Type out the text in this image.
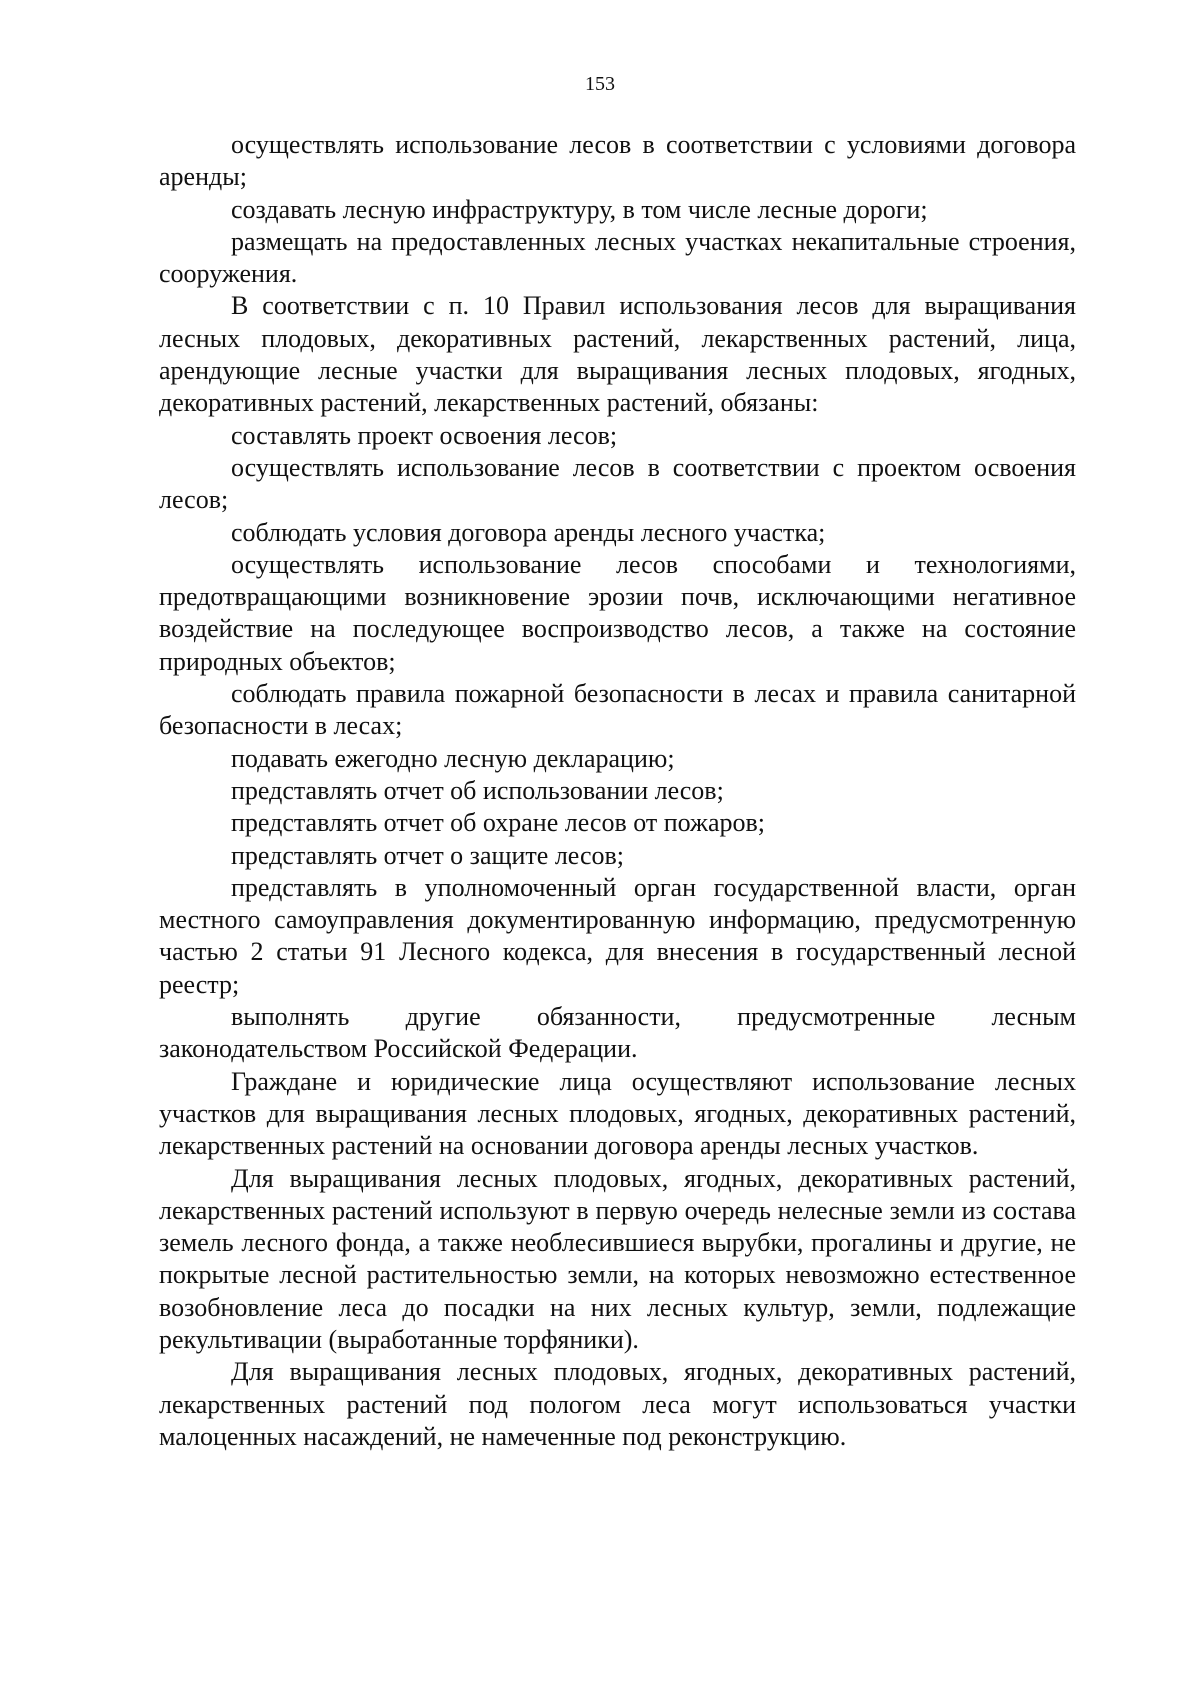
153

осуществлять использование лесов в соответствии с условиями договора аренды;

создавать лесную инфраструктуру, в том числе лесные дороги;

размещать на предоставленных лесных участках некапитальные строения, сооружения.

В соответствии с п. 10 Правил использования лесов для выращивания лесных плодовых, декоративных растений, лекарственных растений, лица, арендующие лесные участки для выращивания лесных плодовых, ягодных, декоративных растений, лекарственных растений, обязаны:

составлять проект освоения лесов;

осуществлять использование лесов в соответствии с проектом освоения лесов;

соблюдать условия договора аренды лесного участка;

осуществлять использование лесов способами и технологиями, предотвращающими возникновение эрозии почв, исключающими негативное воздействие на последующее воспроизводство лесов, а также на состояние природных объектов;

соблюдать правила пожарной безопасности в лесах и правила санитарной безопасности в лесах;

подавать ежегодно лесную декларацию;

представлять отчет об использовании лесов;

представлять отчет об охране лесов от пожаров;

представлять отчет о защите лесов;

представлять в уполномоченный орган государственной власти, орган местного самоуправления документированную информацию, предусмотренную частью 2 статьи 91 Лесного кодекса, для внесения в государственный лесной реестр;

выполнять другие обязанности, предусмотренные лесным законодательством Российской Федерации.

Граждане и юридические лица осуществляют использование лесных участков для выращивания лесных плодовых, ягодных, декоративных растений, лекарственных растений на основании договора аренды лесных участков.

Для выращивания лесных плодовых, ягодных, декоративных растений, лекарственных растений используют в первую очередь нелесные земли из состава земель лесного фонда, а также необлесившиеся вырубки, прогалины и другие, не покрытые лесной растительностью земли, на которых невозможно естественное возобновление леса до посадки на них лесных культур, земли, подлежащие рекультивации (выработанные торфяники).

Для выращивания лесных плодовых, ягодных, декоративных растений, лекарственных растений под пологом леса могут использоваться участки малоценных насаждений, не намеченные под реконструкцию.
